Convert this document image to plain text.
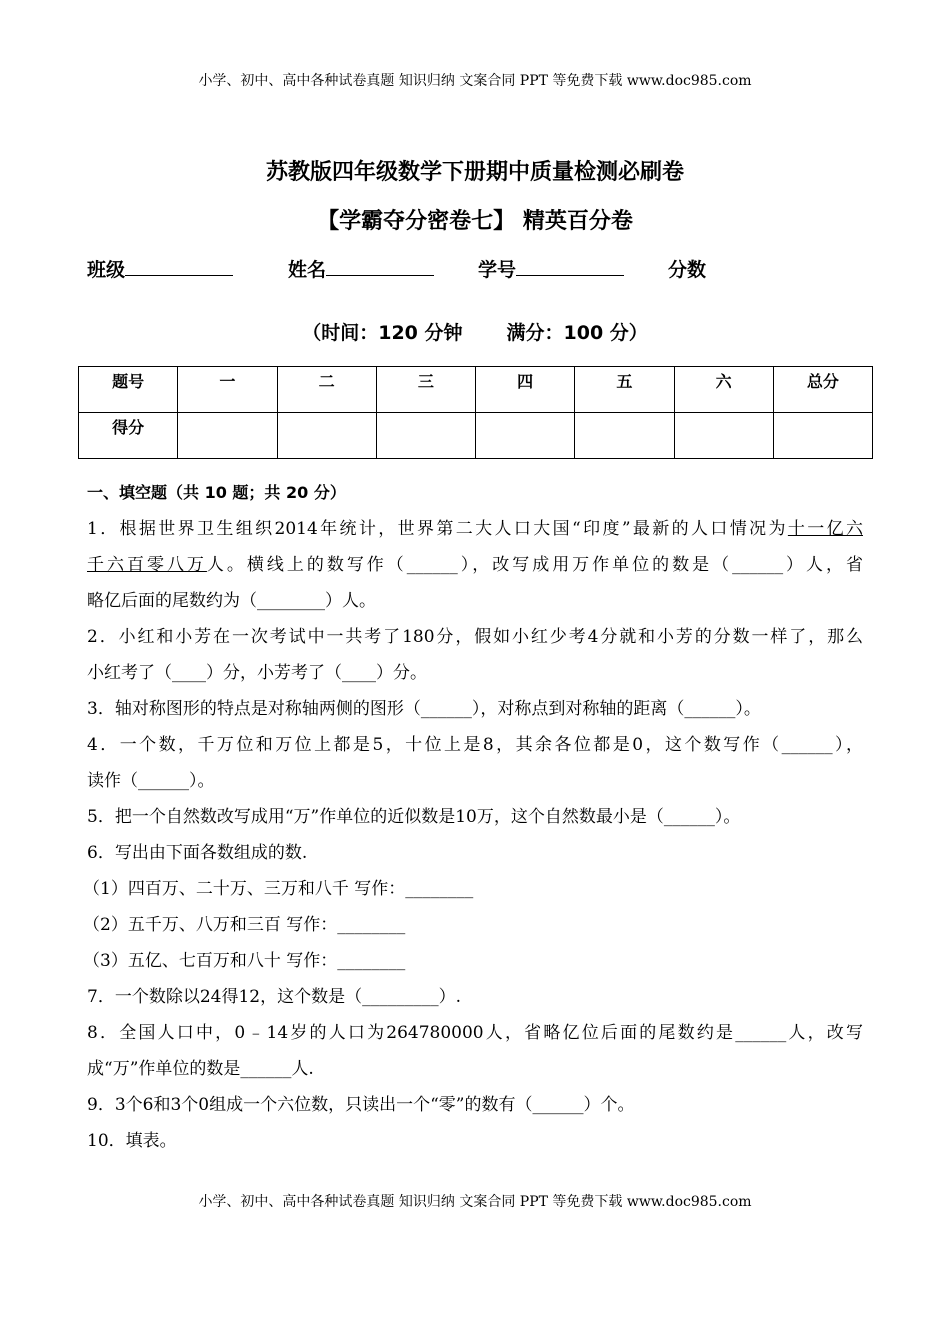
小学、初中、高中各种试卷真题 知识归纳 文案合同 PPT 等免费下载 www.doc985.com
苏教版四年级数学下册期中质量检测必刷卷
【学霸夺分密卷七】 精英百分卷
班级	姓名	学号	分数
（时间：120 分钟 满分：100 分）
题号	一	二	三	四	五	六	总分
得分							
一、填空题（共 10 题；共 20 分）
1．根据世界卫生组织2014年统计，世界第二大人口大国“印度”最新的人口情况为十一亿六
千六百零八万人。横线上的数写作（______），改写成用万作单位的数是（______）人，省
略亿后面的尾数约为（________）人。
2．小红和小芳在一次考试中一共考了180分，假如小红少考4分就和小芳的分数一样了，那么
小红考了（____）分，小芳考了（____）分。
3．轴对称图形的特点是对称轴两侧的图形（______），对称点到对称轴的距离（______）。
4．一个数，千万位和万位上都是5，十位上是8，其余各位都是0，这个数写作（______），
读作（______）。
5．把一个自然数改写成用“万”作单位的近似数是10万，这个自然数最小是（______）。
6．写出由下面各数组成的数.
（1）四百万、二十万、三万和八千 写作：________
（2）五千万、八万和三百 写作：________
（3）五亿、七百万和八十 写作：________
7．一个数除以24得12，这个数是（_________）.
8．全国人口中，0﹣14岁的人口为264780000人，省略亿位后面的尾数约是______人，改写
成“万”作单位的数是______人.
9．3个6和3个0组成一个六位数，只读出一个“零”的数有（______）个。
10．填表。
小学、初中、高中各种试卷真题 知识归纳 文案合同 PPT 等免费下载 www.doc985.com
